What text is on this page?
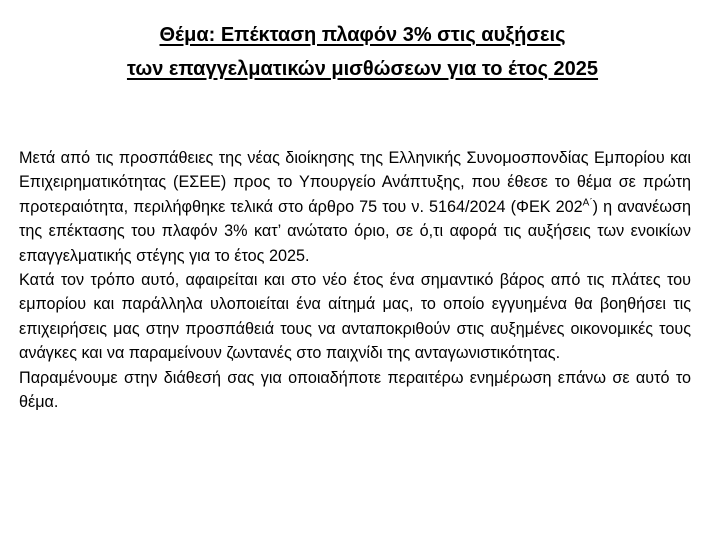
Θέμα: Επέκταση πλαφόν 3% στις αυξήσεις
των επαγγελματικών μισθώσεων για το έτος 2025

Μετά από τις προσπάθειες της νέας διοίκησης της Ελληνικής Συνομοσπονδίας Εμπορίου και Επιχειρηματικότητας (ΕΣΕΕ) προς το Υπουργείο Ανάπτυξης, που έθεσε το θέμα σε πρώτη προτεραιότητα, περιλήφθηκε τελικά στο άρθρο 75 του ν. 5164/2024 (ΦΕΚ $202^{A΄}$) η ανανέωση της επέκτασης του πλαφόν 3% κατ’ ανώτατο όριο, σε ό,τι αφορά τις αυξήσεις των ενοικίων επαγγελματικής στέγης για το έτος 2025.

Κατά τον τρόπο αυτό, αφαιρείται και στο νέο έτος ένα σημαντικό βάρος από τις πλάτες του εμπορίου και παράλληλα υλοποιείται ένα αίτημά μας, το οποίο εγγυημένα θα βοηθήσει τις επιχειρήσεις μας στην προσπάθειά τους να ανταποκριθούν στις αυξημένες οικονομικές τους ανάγκες και να παραμείνουν ζωντανές στο παιχνίδι της ανταγωνιστικότητας.

Παραμένουμε στην διάθεσή σας για οποιαδήποτε περαιτέρω ενημέρωση επάνω σε αυτό το θέμα.
